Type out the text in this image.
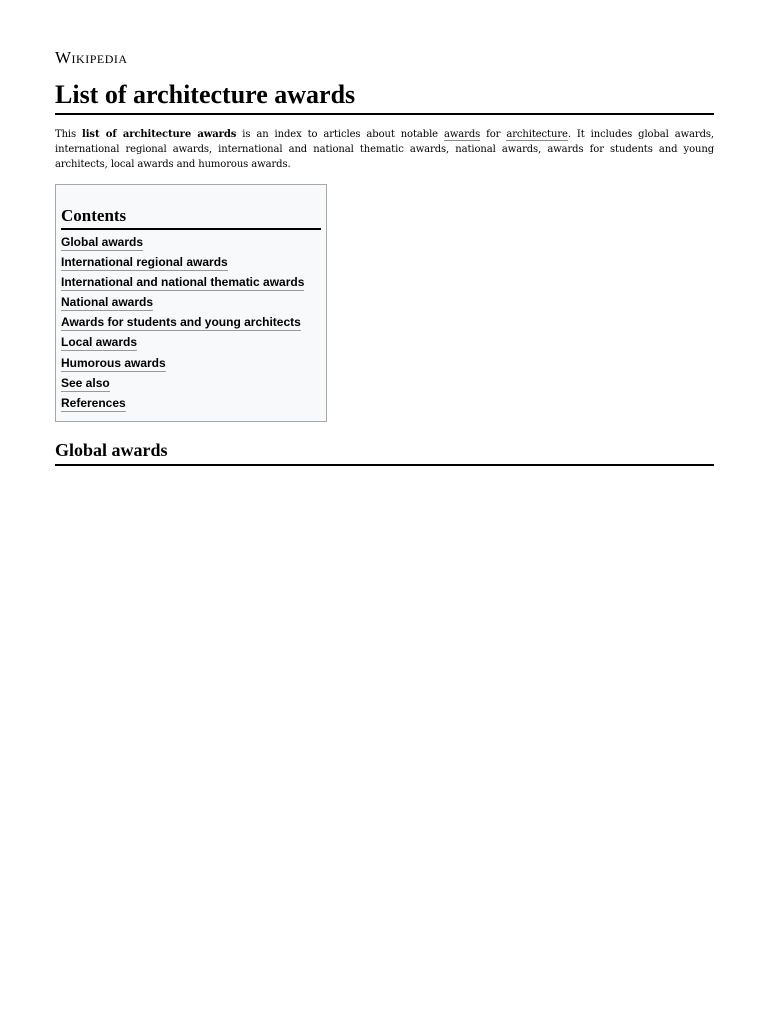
Wikipedia
List of architecture awards

This list of architecture awards is an index to articles about notable awards for architecture. It includes global awards, international regional awards, international and national thematic awards, national awards, awards for students and young architects, local awards and humorous awards.

Contents
Global awards
International regional awards
International and national thematic awards
National awards
Awards for students and young architects
Local awards
Humorous awards
See also
References
Global awards
